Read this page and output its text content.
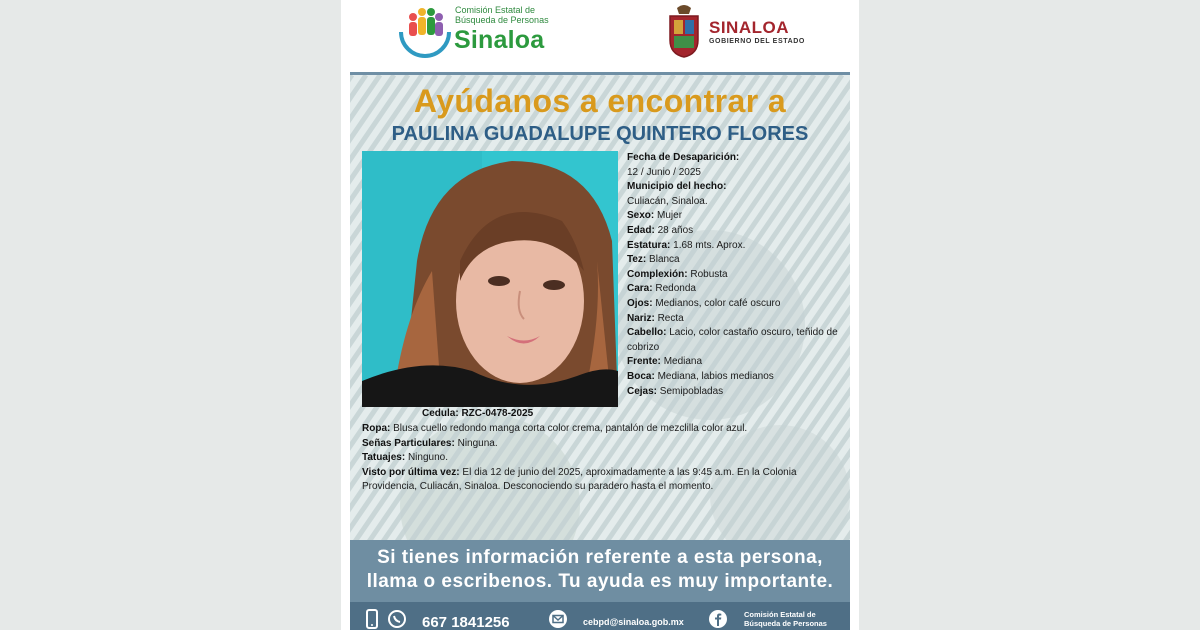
Comisión Estatal de
Búsqueda de Personas
Sinaloa	SINALOA
GOBIERNO DEL ESTADO
Ayúdanos a encontrar a
PAULINA GUADALUPE QUINTERO FLORES
Fecha de Desaparición:
12 / Junio / 2025
Municipio del hecho:
Culiacán, Sinaloa.
Sexo: Mujer
Edad: 28 años
Estatura: 1.68 mts. Aprox.
Tez: Blanca
Complexión: Robusta
Cara: Redonda
Ojos: Medianos, color café oscuro
Nariz: Recta
Cabello: Lacio, color castaño oscuro, teñido de cobrizo
Frente: Mediana
Boca: Mediana, labios medianos
Cejas: Semipobladas
Cedula: RZC-0478-2025
Ropa: Blusa cuello redondo manga corta color crema, pantalón de mezclilla color azul.
Señas Particulares: Ninguna.
Tatuajes: Ninguno.
Visto por última vez: El dia 12 de junio del 2025, aproximadamente a las 9:45 a.m. En la Colonia Providencia, Culiacán, Sinaloa. Desconociendo su paradero hasta el momento.
Si tienes información referente a esta persona,
llama o escribenos. Tu ayuda es muy importante.
667 1841256	cebpd@sinaloa.gob.mx
Comisión Estatal de
Búsqueda de Personas
